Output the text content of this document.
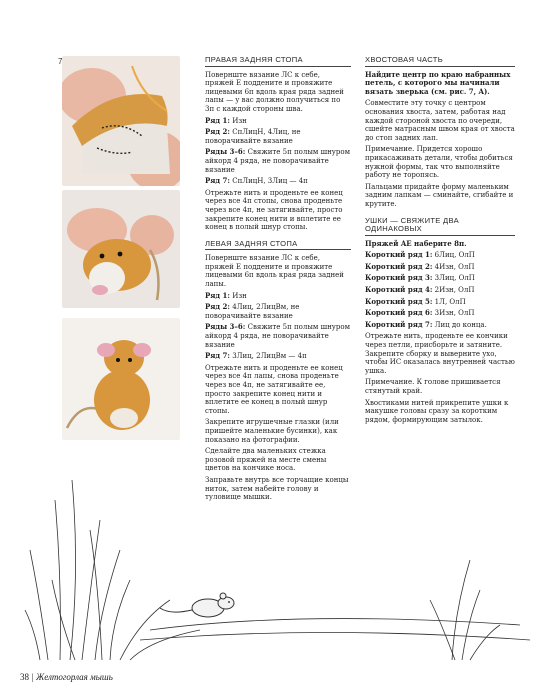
7	ПРАВАЯ ЗАДНЯЯ СТОПА

Повернште вязание ЛС к себе, пряжей E поддените и провяжите лицевыми 6п вдоль края ряда задней лапы — у вас должно получиться по 3п с каждой стороны шва.

Ряд 1: Изн

Ряд 2: СпЛицН, 4Лиц, не поворачивайте вязание

Ряды 3–6: Свяжите 5п полым шнуром айкорд 4 ряда, не поворачивайте вязание

Ряд 7: СпЛицН, 3Лиц — 4п

Отрежьте нить и проденьте ее конец через все 4п стопы, снова проденьте через все 4п, не затягивайте, просто закрепите конец нити и вплетите ее конец в полый шнур стопы.

ЛЕВАЯ ЗАДНЯЯ СТОПА

Повернште вязание ЛС к себе, пряжей E поддените и провяжите лицевыми 6п вдоль края ряда задней лапы.

Ряд 1: Изн

Ряд 2: 4Лиц, 2ЛицВм, не поворачивайте вязание

Ряды 3–6: Свяжите 5п полым шнуром айкорд 4 ряда, не поворачивайте вязание

Ряд 7: 3Лиц, 2ЛицВм — 4п

Отрежьте нить и проденьте ее конец через все 4п лапы, снова проденьте через все 4п, не затягивайте ее, просто закрепите конец нити и вплетите ее конец в полый шнур стопы.

Закрепите игрушечные глазки (или пришейте маленькие бусинки), как показано на фотографии.

Сделайте два маленьких стежка розовой пряжей на месте смены цветов на кончике носа.

Заправьте внутрь все торчащие концы ниток, затем набейте голову и туловище мышки.

ХВОСТОВАЯ ЧАСТЬ

Найдите центр по краю набранных петель, с которого мы начинали вязать зверька (см. рис. 7, A).

Совместите эту точку с центром основания хвоста, затем, работая над каждой стороной хвоста по очереди, сшейте матрасным швом края от хвоста до стоп задних лап.

Примечание. Придется хорошо прикасаживать детали, чтобы добиться нужной формы, так что выполняйте работу не торопясь.

Пальцами придайте форму маленьким задним лапкам — сминайте, сгибайте и крутите.

УШКИ — СВЯЖИТЕ ДВА ОДИНАКОВЫХ

Пряжей AE наберите 8п.

Короткий ряд 1: 6Лиц, ОлП

Короткий ряд 2: 4Изн, ОлП

Короткий ряд 3: 3Лиц, ОлП

Короткий ряд 4: 2Изн, ОлП

Короткий ряд 5: 1Л, ОлП

Короткий ряд 6: 3Изн, ОлП

Короткий ряд 7: Лиц до конца.

Отрежьте нить, проденьте ее кончики через петли, присборьте и затяните. Закрепите сборку и выверните ухо, чтобы ИС оказалась внутренней частью ушка.

Примечание. К голове пришивается стянутый край.

Хвостиками нитей прикрепите ушки к макушке головы сразу за коротким рядом, формирующим затылок.

38 | Желтогорлая мышь
